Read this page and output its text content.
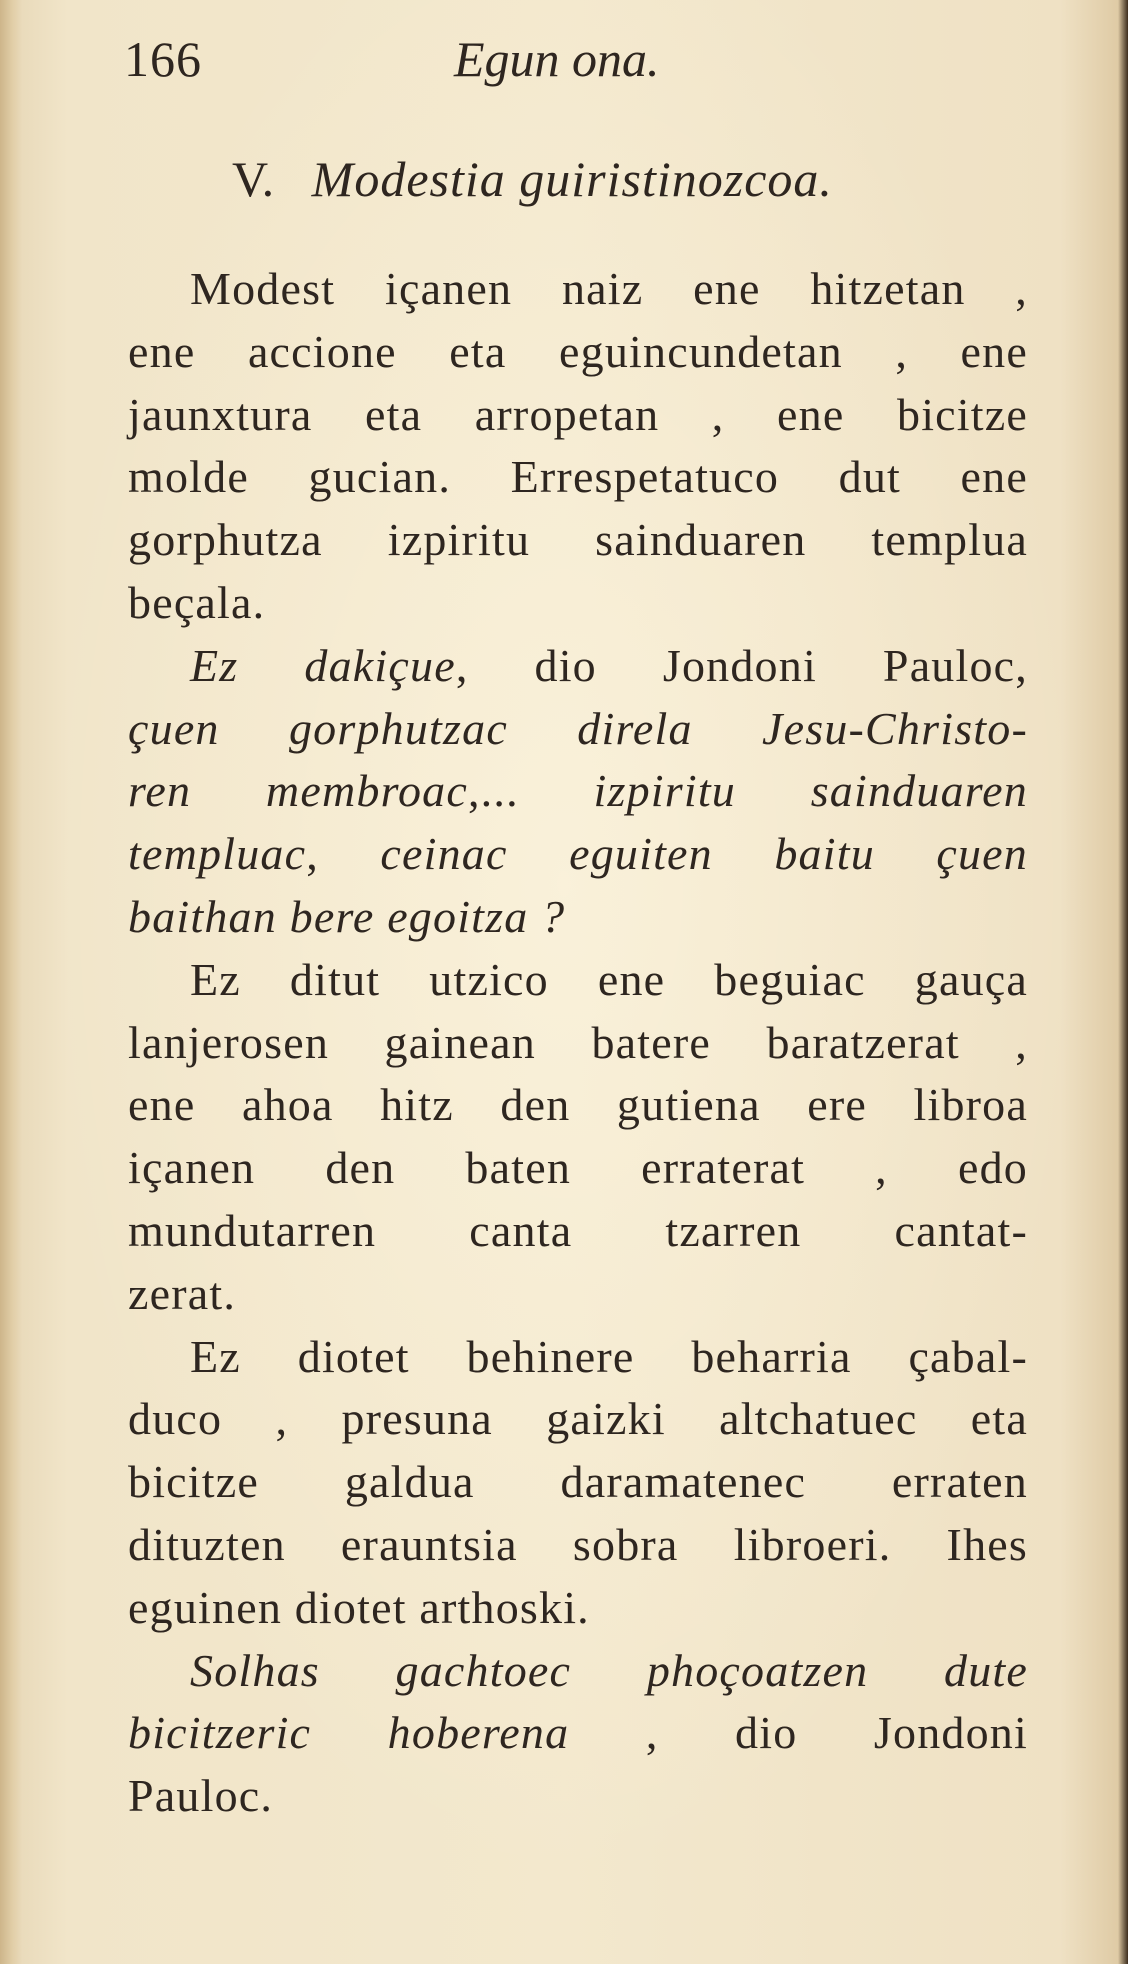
166	Egun ona.
V. Modestia guiristinozcoa.
Modest içanen naiz ene hitzetan ,
ene accione eta eguincundetan , ene
jaunxtura eta arropetan , ene bicitze
molde gucian. Errespetatuco dut ene
gorphutza izpiritu sainduaren templua
beçala.
Ez dakiçue, dio Jondoni Pauloc,
çuen gorphutzac direla Jesu-Christo-
ren membroac,... izpiritu sainduaren
templuac, ceinac eguiten baitu çuen
baithan bere egoitza ?
Ez ditut utzico ene beguiac gauça
lanjerosen gainean batere baratzerat ,
ene ahoa hitz den gutiena ere libroa
içanen den baten erraterat , edo
mundutarren canta tzarren cantat-
zerat.
Ez diotet behinere beharria çabal-
duco , presuna gaizki altchatuec eta
bicitze galdua daramatenec erraten
dituzten erauntsia sobra libroeri. Ihes
eguinen diotet arthoski.
Solhas gachtoec phoçoatzen dute
bicitzeric hoberena , dio Jondoni
Pauloc.
